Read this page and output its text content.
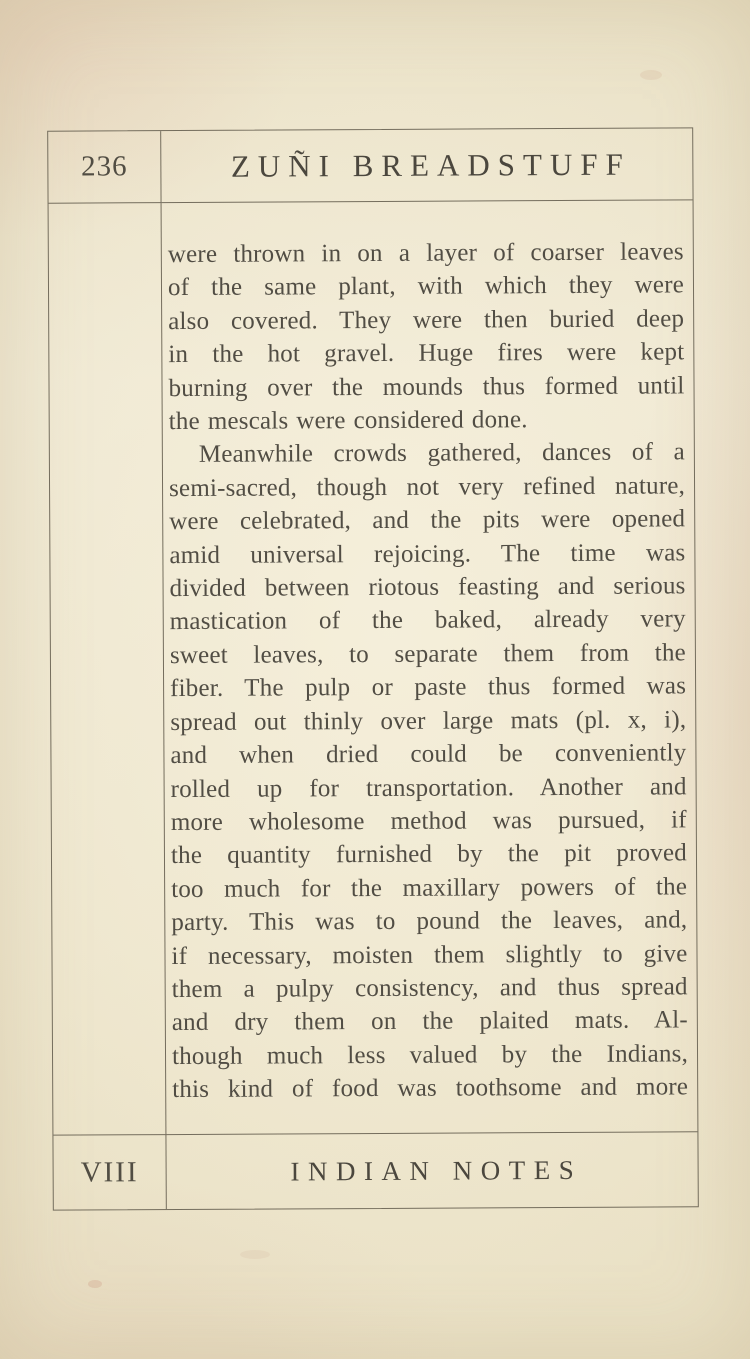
236	ZUÑI BREADSTUFF
were thrown in on a layer of coarser leaves
of the same plant, with which they were
also covered. They were then buried deep
in the hot gravel. Huge fires were kept
burning over the mounds thus formed until
the mescals were considered done.
Meanwhile crowds gathered, dances of a
semi-sacred, though not very refined nature,
were celebrated, and the pits were opened
amid universal rejoicing. The time was
divided between riotous feasting and serious
mastication of the baked, already very
sweet leaves, to separate them from the
fiber. The pulp or paste thus formed was
spread out thinly over large mats (pl. x, i),
and when dried could be conveniently
rolled up for transportation. Another and
more wholesome method was pursued, if
the quantity furnished by the pit proved
too much for the maxillary powers of the
party. This was to pound the leaves, and,
if necessary, moisten them slightly to give
them a pulpy consistency, and thus spread
and dry them on the plaited mats. Al-
though much less valued by the Indians,
this kind of food was toothsome and more
VIII	INDIAN NOTES
